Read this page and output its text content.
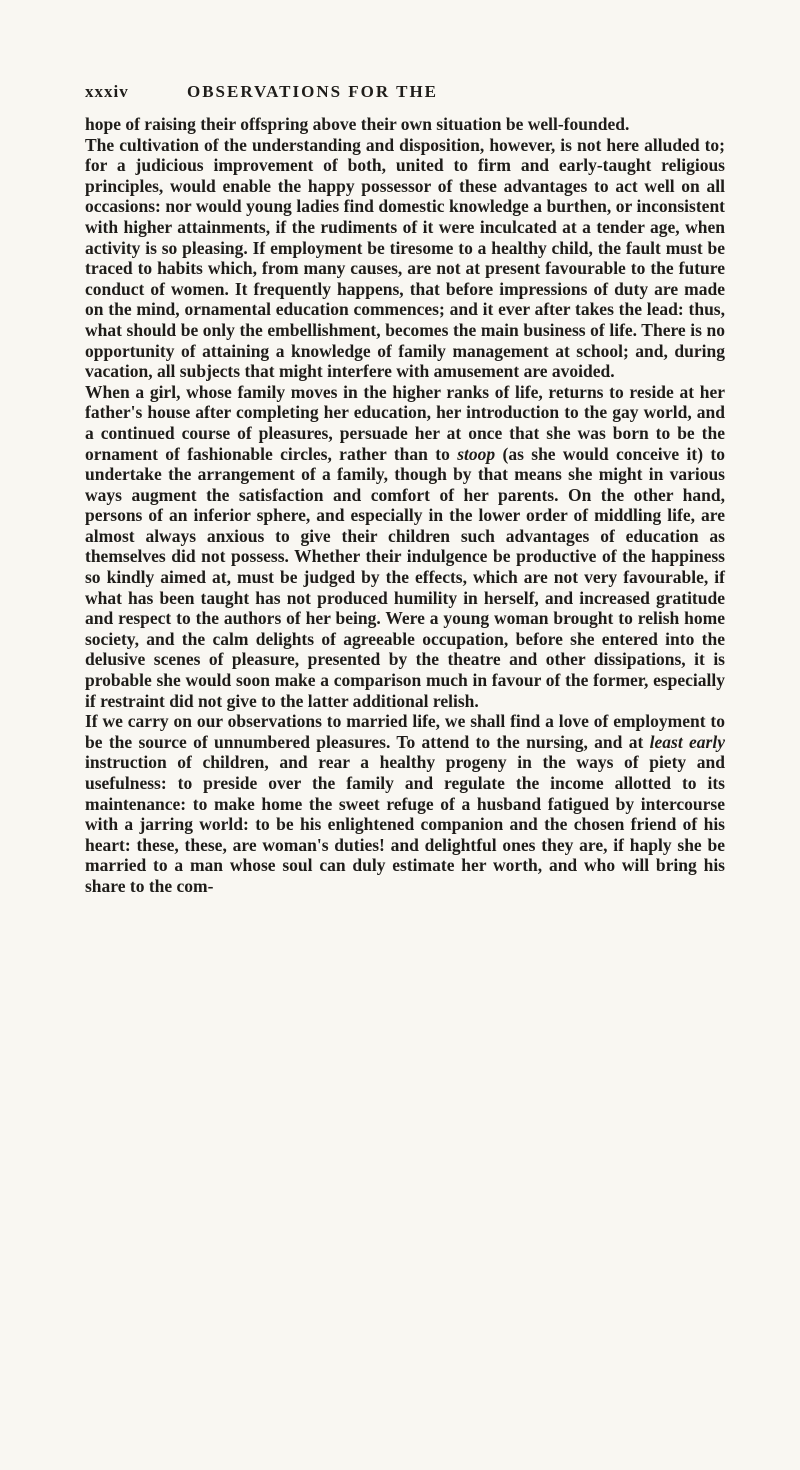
xxxiv	OBSERVATIONS FOR THE

hope of raising their offspring above their own situation be well-founded.

The cultivation of the understanding and disposition, however, is not here alluded to; for a judicious improvement of both, united to firm and early-taught religious principles, would enable the happy possessor of these advantages to act well on all occasions: nor would young ladies find domestic knowledge a burthen, or inconsistent with higher attainments, if the rudiments of it were inculcated at a tender age, when activity is so pleasing. If employment be tiresome to a healthy child, the fault must be traced to habits which, from many causes, are not at present favourable to the future conduct of women. It frequently happens, that before impressions of duty are made on the mind, ornamental education commences; and it ever after takes the lead: thus, what should be only the embellishment, becomes the main business of life. There is no opportunity of attaining a knowledge of family management at school; and, during vacation, all subjects that might interfere with amusement are avoided.

When a girl, whose family moves in the higher ranks of life, returns to reside at her father's house after completing her education, her introduction to the gay world, and a continued course of pleasures, persuade her at once that she was born to be the ornament of fashionable circles, rather than to stoop (as she would conceive it) to undertake the arrangement of a family, though by that means she might in various ways augment the satisfaction and comfort of her parents. On the other hand, persons of an inferior sphere, and especially in the lower order of middling life, are almost always anxious to give their children such advantages of education as themselves did not possess. Whether their indulgence be productive of the happiness so kindly aimed at, must be judged by the effects, which are not very favourable, if what has been taught has not produced humility in herself, and increased gratitude and respect to the authors of her being. Were a young woman brought to relish home society, and the calm delights of agreeable occupation, before she entered into the delusive scenes of pleasure, presented by the theatre and other dissipations, it is probable she would soon make a comparison much in favour of the former, especially if restraint did not give to the latter additional relish.

If we carry on our observations to married life, we shall find a love of employment to be the source of unnumbered pleasures. To attend to the nursing, and at least early instruction of children, and rear a healthy progeny in the ways of piety and usefulness: to preside over the family and regulate the income allotted to its maintenance: to make home the sweet refuge of a husband fatigued by intercourse with a jarring world: to be his enlightened companion and the chosen friend of his heart: these, these, are woman's duties! and delightful ones they are, if haply she be married to a man whose soul can duly estimate her worth, and who will bring his share to the com-
